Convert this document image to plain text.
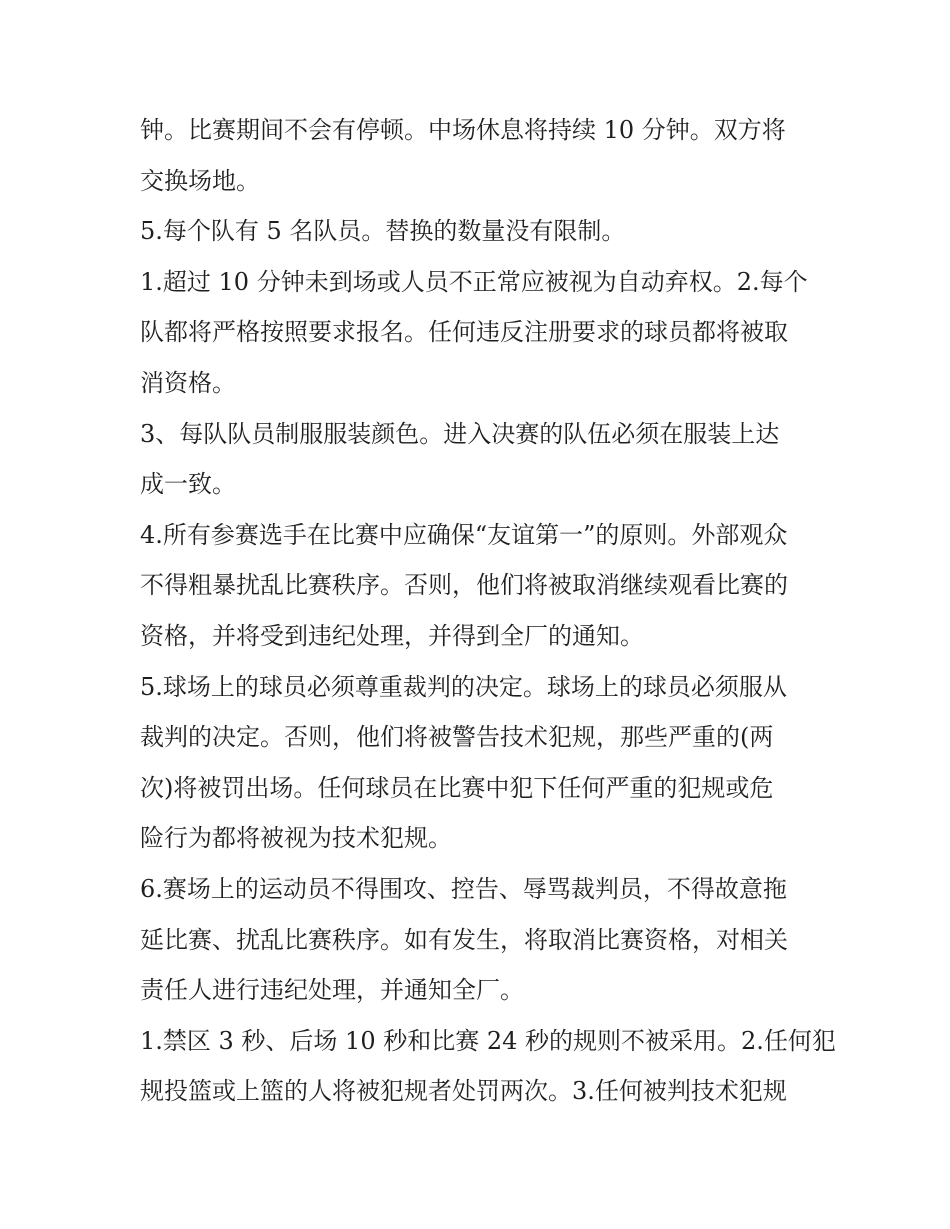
钟。比赛期间不会有停顿。中场休息将持续 10 分钟。双方将
交换场地。
5.每个队有 5 名队员。替换的数量没有限制。
1.超过 10 分钟未到场或人员不正常应被视为自动弃权。2.每个
队都将严格按照要求报名。任何违反注册要求的球员都将被取
消资格。
3、每队队员制服服装颜色。进入决赛的队伍必须在服装上达
成一致。
4.所有参赛选手在比赛中应确保“友谊第一”的原则。外部观众
不得粗暴扰乱比赛秩序。否则，他们将被取消继续观看比赛的
资格，并将受到违纪处理，并得到全厂的通知。
5.球场上的球员必须尊重裁判的决定。球场上的球员必须服从
裁判的决定。否则，他们将被警告技术犯规，那些严重的(两
次)将被罚出场。任何球员在比赛中犯下任何严重的犯规或危
险行为都将被视为技术犯规。
6.赛场上的运动员不得围攻、控告、辱骂裁判员，不得故意拖
延比赛、扰乱比赛秩序。如有发生，将取消比赛资格，对相关
责任人进行违纪处理，并通知全厂。
1.禁区 3 秒、后场 10 秒和比赛 24 秒的规则不被采用。2.任何犯
规投篮或上篮的人将被犯规者处罚两次。3.任何被判技术犯规
